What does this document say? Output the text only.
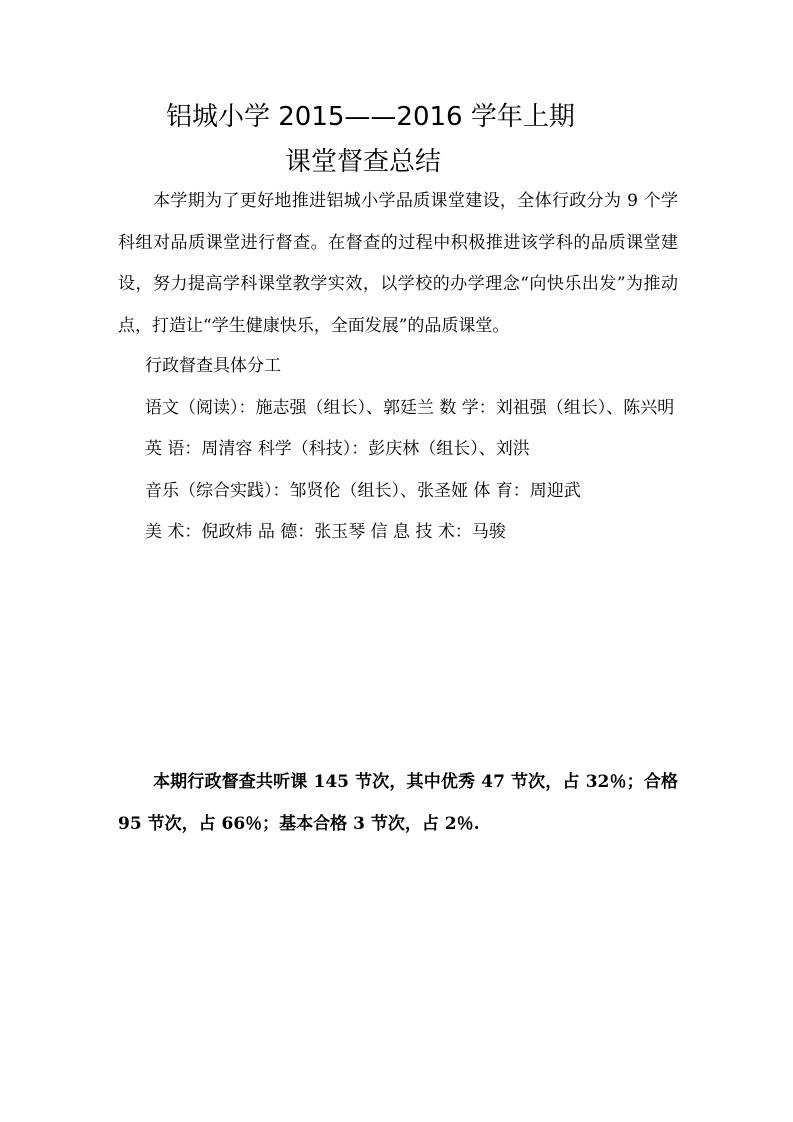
铝城小学 2015——2016 学年上期
课堂督查总结
本学期为了更好地推进铝城小学品质课堂建设，全体行政分为 9 个学科组对品质课堂进行督查。在督查的过程中积极推进该学科的品质课堂建设，努力提高学科课堂教学实效，以学校的办学理念“向快乐出发”为推动点，打造让“学生健康快乐，全面发展”的品质课堂。
行政督查具体分工
语文（阅读）：施志强（组长）、郭廷兰 数 学：刘祖强（组长）、陈兴明 英 语：周清容 科学（科技）：彭庆林（组长）、刘洪 音乐（综合实践）：邹贤伦（组长）、张圣娅 体 育：周迎武 美 术：倪政炜 品 德：张玉琴 信 息 技 术：马骏
本期行政督查共听课 145 节次，其中优秀 47 节次，占 32％；合格 95 节次，占 66％；基本合格 3 节次，占 2％.
